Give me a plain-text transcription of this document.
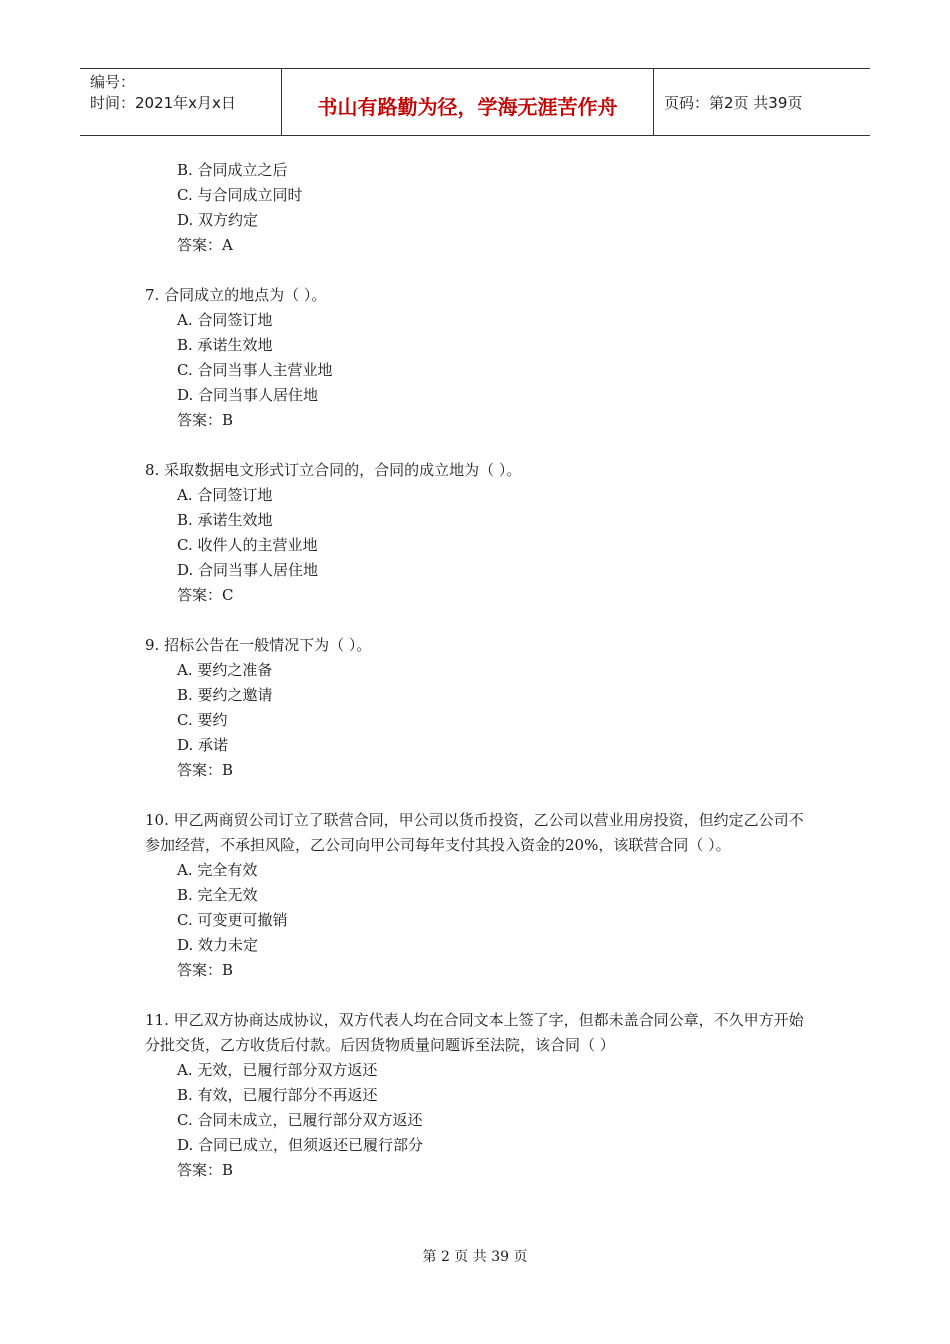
编号：
时间：2021年x月x日	书山有路勤为径，学海无涯苦作舟	页码：第2页 共39页
B. 合同成立之后
C. 与合同成立同时
D. 双方约定
答案：A
7. 合同成立的地点为（ ）。
A. 合同签订地
B. 承诺生效地
C. 合同当事人主营业地
D. 合同当事人居住地
答案：B
8. 采取数据电文形式订立合同的，合同的成立地为（ ）。
A. 合同签订地
B. 承诺生效地
C. 收件人的主营业地
D. 合同当事人居住地
答案：C
9. 招标公告在一般情况下为（ ）。
A. 要约之准备
B. 要约之邀请
C. 要约
D. 承诺
答案：B
10. 甲乙两商贸公司订立了联营合同，甲公司以货币投资，乙公司以营业用房投资，但约定乙公司不参加经营，不承担风险，乙公司向甲公司每年支付其投入资金的20%，该联营合同（ ）。
A. 完全有效
B. 完全无效
C. 可变更可撤销
D. 效力未定
答案：B
11. 甲乙双方协商达成协议，双方代表人均在合同文本上签了字，但都未盖合同公章，不久甲方开始分批交货，乙方收货后付款。后因货物质量问题诉至法院，该合同（ ）
A. 无效，已履行部分双方返还
B. 有效，已履行部分不再返还
C. 合同未成立，已履行部分双方返还
D. 合同已成立，但须返还已履行部分
答案：B
第 2 页 共 39 页
